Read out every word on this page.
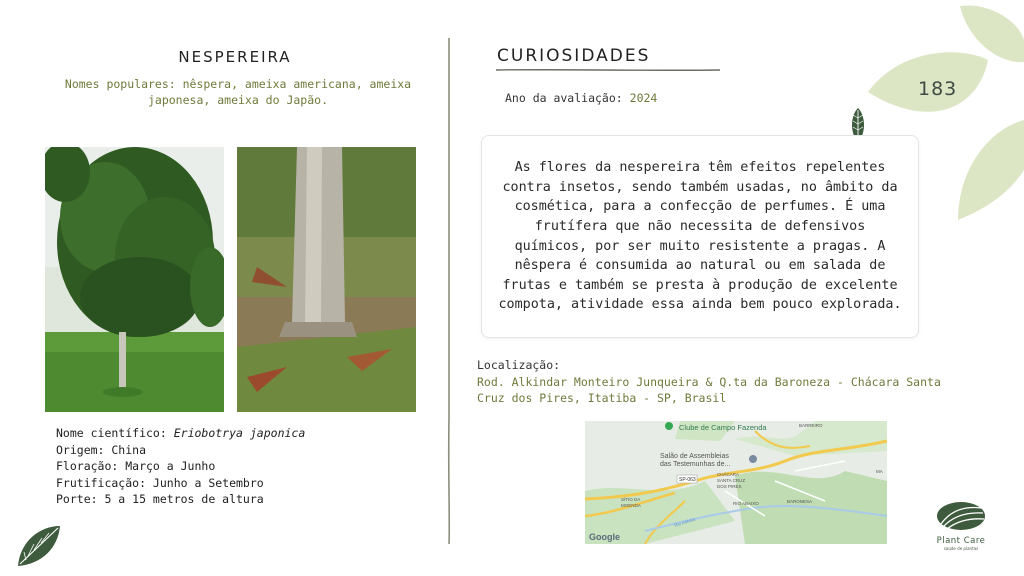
NESPEREIRA
Nomes populares: nêspera, ameixa americana, ameixa japonesa, ameixa do Japão.
Nome científico: Eriobotrya japonica
Origem: China
Floração: Março a Junho
Frutificação: Junho a Setembro
Porte: 5 a 15 metros de altura
CURIOSIDADES
Ano da avaliação: 2024	183

As flores da nespereira têm efeitos repelentes contra insetos, sendo também usadas, no âmbito da cosmética, para a confecção de perfumes. É uma frutífera que não necessita de defensivos químicos, por ser muito resistente a pragas. A nêspera é consumida ao natural ou em salada de frutas e também se presta à produção de excelente compota, atividade essa ainda bem pouco explorada.

Localização:
Rod. Alkindar Monteiro Junqueira & Q.ta da Baroneza - Chácara Santa Cruz dos Pires, Itatiba - SP, Brasil
Clube de Campo Fazenda	BARREIRO
Salão de Assembleias
das Testemunhas de...
SP-063
CHÁCARA
SANTA CRUZ
DOS PIRES
SÍTIO DA
MOENDA	RIO ABAIXO	BARONESA
Rio Atibaia
MA
Google	Plant Care
saúde de plantas
